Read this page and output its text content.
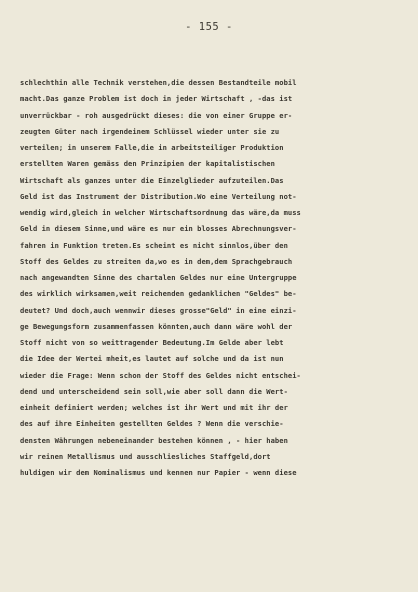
- 155 -
schlechthin alle Technik verstehen,die dessen Bestandteile mobil
macht.Das ganze Problem ist doch in jeder Wirtschaft , -das ist
unverrückbar - roh ausgedrückt dieses: die von einer Gruppe er-
zeugten Güter nach irgendeinem Schlüssel wieder unter sie zu
verteilen; in unserem Falle,die in arbeitsteiliger Produktion
erstellten Waren gemäss den Prinzipien der kapitalistischen
Wirtschaft als ganzes unter die Einzelglieder aufzuteilen.Das
Geld ist das Instrument der Distribution.Wo eine Verteilung not-
wendig wird,gleich in welcher Wirtschaftsordnung das wäre,da muss
Geld in diesem Sinne,und wäre es nur ein blosses Abrechnungsver-
fahren in Funktion treten.Es scheint es nicht sinnlos,über den
Stoff des Geldes zu streiten da,wo es in dem,dem Sprachgebrauch
nach angewandten Sinne des chartalen Geldes nur eine Untergruppe
des wirklich wirksamen,weit reichenden gedanklichen "Geldes" be-
deutet? Und doch,auch wennwir dieses grosse"Geld" in eine einzi-
ge Bewegungsform zusammenfassen könnten,auch dann wäre wohl der
Stoff nicht von so weittragender Bedeutung.Im Gelde aber lebt
die Idee der Wertei mheit,es lautet auf solche und da ist nun
wieder die Frage: Wenn schon der Stoff des Geldes nicht entschei-
dend und unterscheidend sein soll,wie aber soll dann die Wert-
einheit definiert werden; welches ist ihr Wert und mit ihr der
des auf ihre Einheiten gestellten Geldes ? Wenn die verschie-
densten Währungen nebeneinander bestehen können , - hier haben
wir reinen Metallismus und ausschliesliches Staffgeld,dort
huldigen wir dem Nominalismus und kennen nur Papier - wenn diese
